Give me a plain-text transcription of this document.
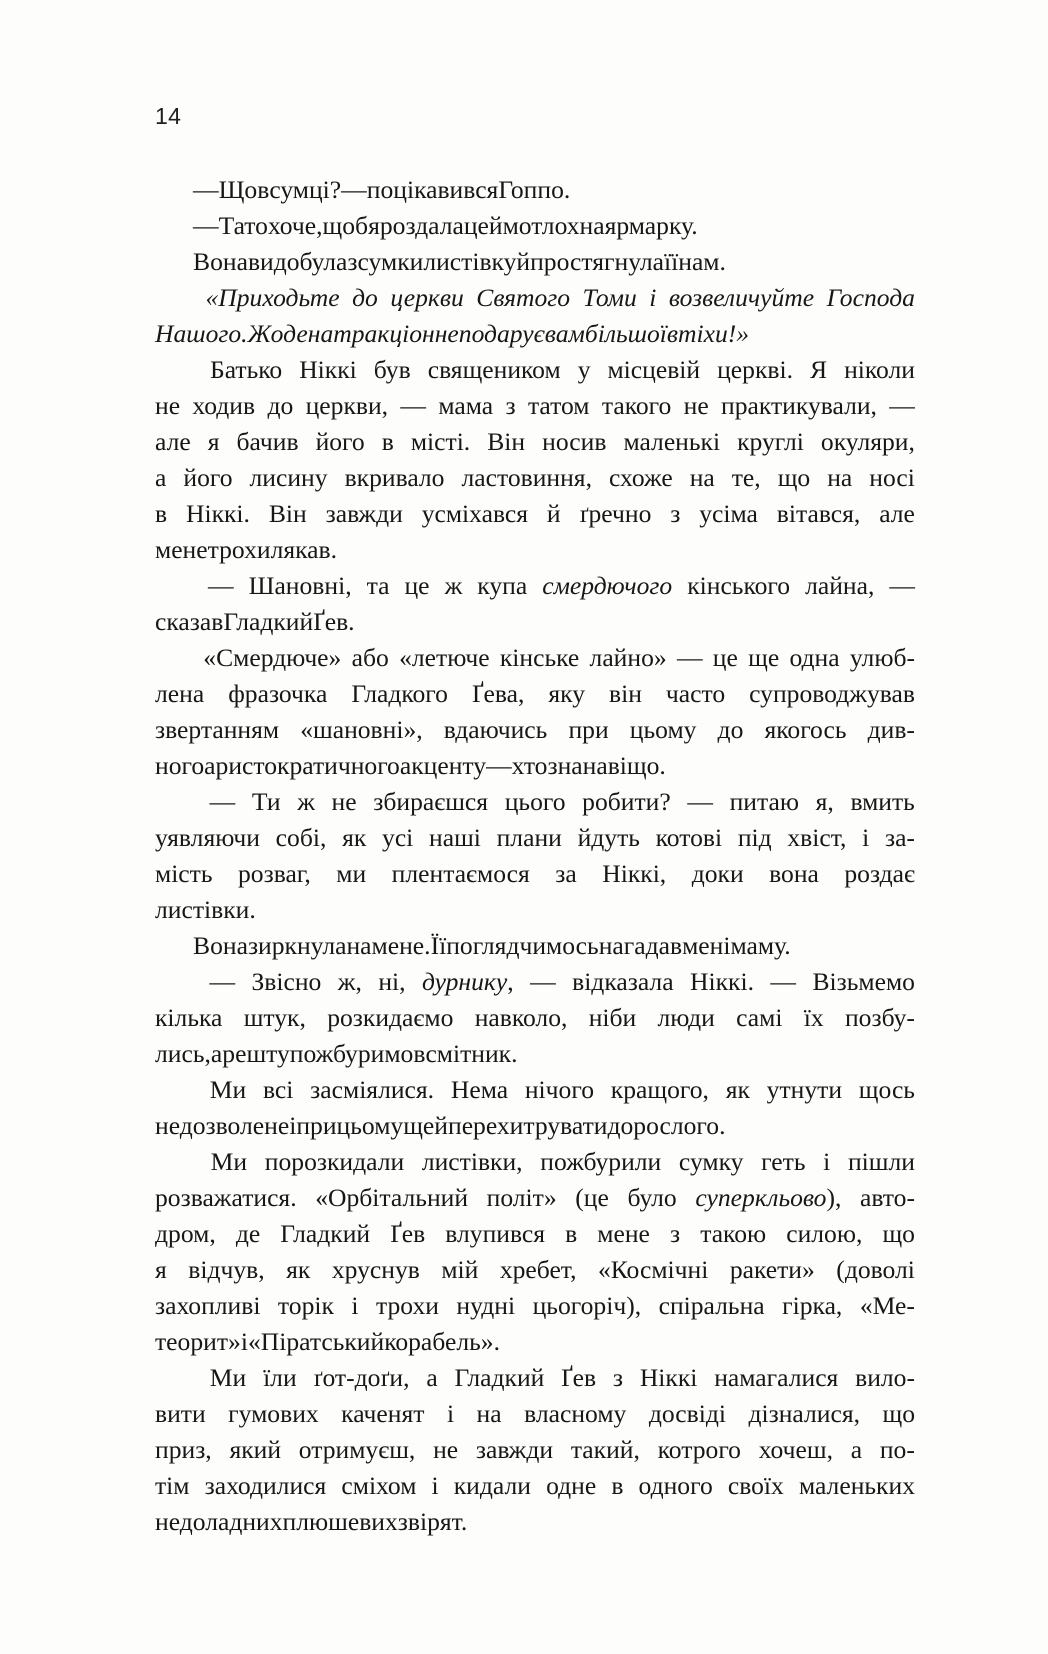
14
— Що в сумці? — поцікавився Гоппо.
— Тато хоче, щоб я роздала цей мотлох на ярмарку.
Вона видобула з сумки листівку й простягнула її нам.
«Приходьте до церкви Святого Томи і возвеличуйте Господа
Нашого. Жоден атракціон не подарує вам більшої втіхи!»
Батько Ніккі був священиком у місцевій церкві. Я ніколи
не ходив до церкви, — мама з татом такого не практикували, —
але я бачив його в місті. Він носив маленькі круглі окуляри,
а його лисину вкривало ластовиння, схоже на те, що на носі
в Ніккі. Він завжди усміхався й ґречно з усіма вітався, але
мене трохи лякав.
— Шановні, та це ж купа смердючого кінського лайна, —
сказав Гладкий Ґев.
«Смердюче» або «летюче кінське лайно» — це ще одна улюб-
лена фразочка Гладкого Ґева, яку він часто супроводжував
звертанням «шановні», вдаючись при цьому до якогось див-
ного аристократичного акценту — хтозна навіщо.
— Ти ж не збираєшся цього робити? — питаю я, вмить
уявляючи собі, як усі наші плани йдуть котові під хвіст, і за-
мість розваг, ми плентаємося за Ніккі, доки вона роздає
листівки.
Вона зиркнула на мене. Її погляд чимось нагадав мені маму.
— Звісно ж, ні, дурнику, — відказала Ніккі. — Візьмемо
кілька штук, розкидаємо навколо, ніби люди самі їх позбу-
лись, а решту пожбуримо в смітник.
Ми всі засміялися. Нема нічого кращого, як утнути щось
недозволене і при цьому ще й перехитрувати дорослого.
Ми порозкидали листівки, пожбурили сумку геть і пішли
розважатися. «Орбітальний політ» (це було суперкльово), авто-
дром, де Гладкий Ґев влупився в мене з такою силою, що
я відчув, як хруснув мій хребет, «Космічні ракети» (доволі
захопливі торік і трохи нудні цьогоріч), спіральна гірка, «Ме-
теорит» і «Піратський корабель».
Ми їли ґот-доґи, а Гладкий Ґев з Ніккі намагалися вило-
вити гумових каченят і на власному досвіді дізналися, що
приз, який отримуєш, не завжди такий, котрого хочеш, а по-
тім заходилися сміхом і кидали одне в одного своїх маленьких
недоладних плюшевих звірят.
